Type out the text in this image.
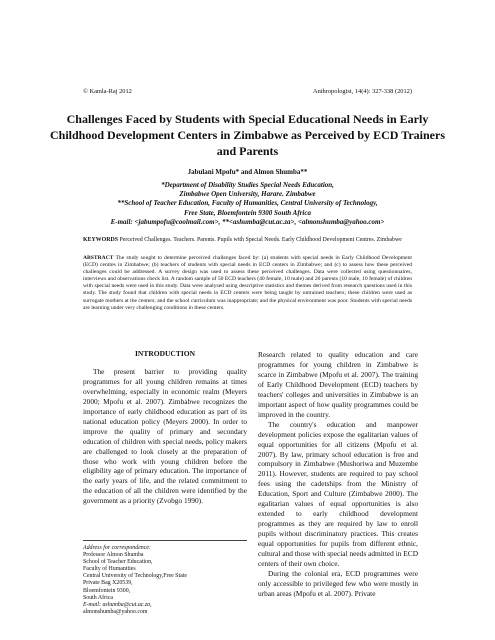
© Kamla-Raj 2012	Anthropologist, 14(4): 327-338 (2012)
Challenges Faced by Students with Special Educational Needs in Early Childhood Development Centers in Zimbabwe as Perceived by ECD Trainers and Parents
Jabulani Mpofu* and Almon Shumba**
*Department of Disability Studies Special Needs Education,
Zimbabwe Open University, Harare. Zimbabwe
**School of Teacher Education, Faculty of Humanities, Central University of Technology,
Free State, Bloemfontein 9300 South Africa
E-mail: <jabumpofu@coolmail.com>, **<ashumba@cut.ac.za>, <almonshumba@yahoo.com>
KEYWORDS Perceived Challenges. Teachers. Parents. Pupils with Special Needs. Early Childhood Development Centres. Zimbabwe
ABSTRACT The study sought to determine perceived challenges faced by: (a) students with special needs in Early Childhood Development (ECD) centres in Zimbabwe; (b) teachers of students with special needs in ECD centers in Zimbabwe; and (c) to assess how these perceived challenges could be addressed. A survey design was used to assess these perceived challenges. Data were collected using questionnaires, interviews and observations check list. A random sample of 50 ECD teachers (40 female, 10 male) and 20 parents (10 male, 10 female) of children with special needs were used in this study. Data were analysed using descriptive statistics and themes derived from research questions used in this study. The study found that children with special needs in ECD centers were being taught by untrained teachers; these children were used as surrogate mothers at the centers; and the school curriculum was inappropriate; and the physical environment was poor. Students with special needs are learning under very challenging conditions in these centers.

INTRODUCTION

The present barrier to providing quality programmes for all young children remains at times overwhelming, especially in economic realm (Meyers 2000; Mpofu et al. 2007). Zimbabwe recognizes the importance of early childhood education as part of its national education policy (Meyers 2000). In order to improve the quality of primary and secondary education of children with special needs, policy makers are challenged to look closely at the preparation of those who work with young children before the eligibility age of primary education. The importance of the early years of life, and the related commitment to the education of all the children were identified by the government as a priority (Zvobgo 1990).

Address for correspondence:
Professor Almon Shumba
School of Teacher Education,
Faculty of Humanities
Central University of Technology,Free State
Private Bag X20539,
Bloemfontein 9300,
South Africa
E-mail: ashumba@cut.ac.za,
almonshumba@yahoo.com

Research related to quality education and care programmes for young children in Zimbabwe is scarce in Zimbabwe (Mpofu et al. 2007). The training of Early Childhood Development (ECD) teachers by teachers' colleges and universities in Zimbabwe is an important aspect of how quality programmes could be improved in the country.

The country's education and manpower development policies expose the egalitarian values of equal opportunities for all citizens (Mpofu et al. 2007). By law, primary school education is free and compulsory in Zimbabwe (Mushoriwa and Muzembe 2011). However, students are required to pay school fees using the cadetships from the Ministry of Education, Sport and Culture (Zimbabwe 2000). The egalitarian values of equal opportunities is also extended to early childhood development programmes as they are required by law to enroll pupils without discriminatory practices. This creates equal opportunities for pupils from different ethnic, cultural and those with special needs admitted in ECD centers of their own choice.

During the colonial era, ECD programmes were only accessible to privileged few who were mostly in urban areas (Mpofu et al. 2007). Private
